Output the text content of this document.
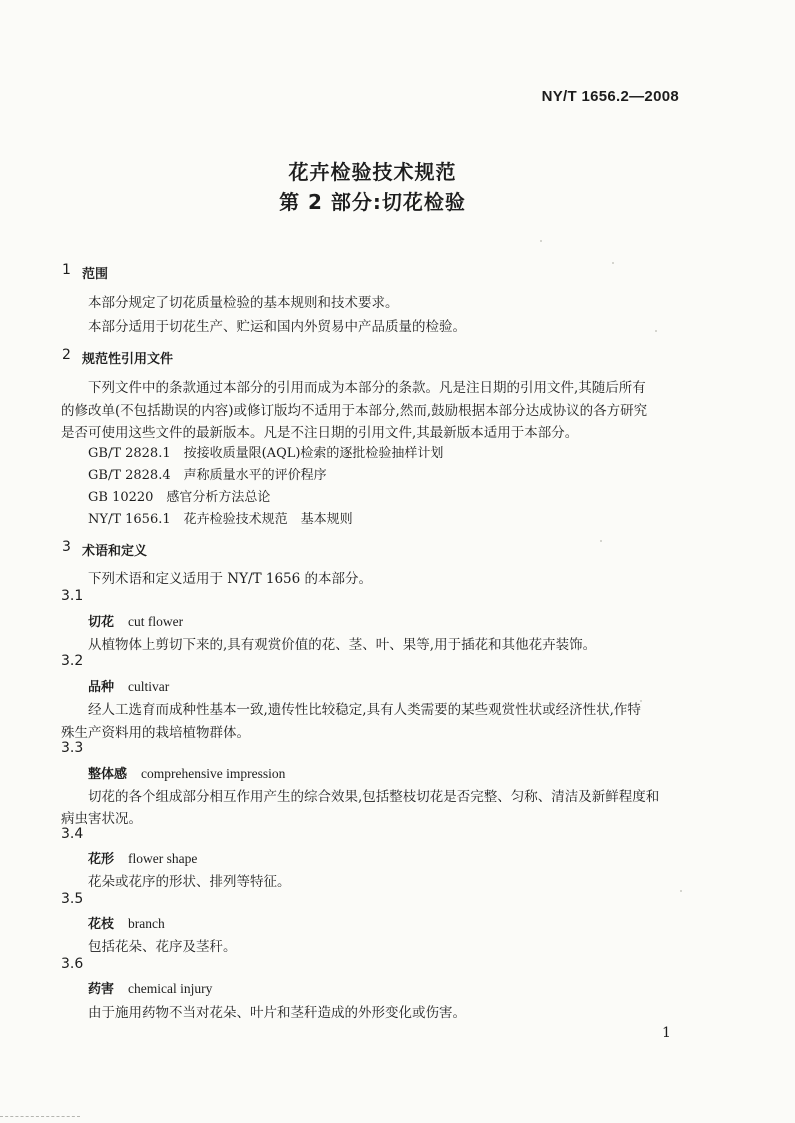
NY/T 1656.2—2008
花卉检验技术规范
第 2 部分:切花检验
1 范围
本部分规定了切花质量检验的基本规则和技术要求。
本部分适用于切花生产、贮运和国内外贸易中产品质量的检验。
2 规范性引用文件
下列文件中的条款通过本部分的引用而成为本部分的条款。凡是注日期的引用文件,其随后所有
的修改单(不包括勘误的内容)或修订版均不适用于本部分,然而,鼓励根据本部分达成协议的各方研究
是否可使用这些文件的最新版本。凡是不注日期的引用文件,其最新版本适用于本部分。
GB/T 2828.1　按接收质量限(AQL)检索的逐批检验抽样计划
GB/T 2828.4　声称质量水平的评价程序
GB 10220　感官分析方法总论
NY/T 1656.1　花卉检验技术规范　基本规则
3 术语和定义
下列术语和定义适用于 NY/T 1656 的本部分。
3.1
切花 cut flower
从植物体上剪切下来的,具有观赏价值的花、茎、叶、果等,用于插花和其他花卉装饰。
3.2
品种 cultivar
经人工选育而成种性基本一致,遗传性比较稳定,具有人类需要的某些观赏性状或经济性状,作特
殊生产资料用的栽培植物群体。
3.3
整体感 comprehensive impression
切花的各个组成部分相互作用产生的综合效果,包括整枝切花是否完整、匀称、清洁及新鲜程度和
病虫害状况。
3.4
花形 flower shape
花朵或花序的形状、排列等特征。
3.5
花枝 branch
包括花朵、花序及茎秆。
3.6
药害 chemical injury
由于施用药物不当对花朵、叶片和茎秆造成的外形变化或伤害。
1
